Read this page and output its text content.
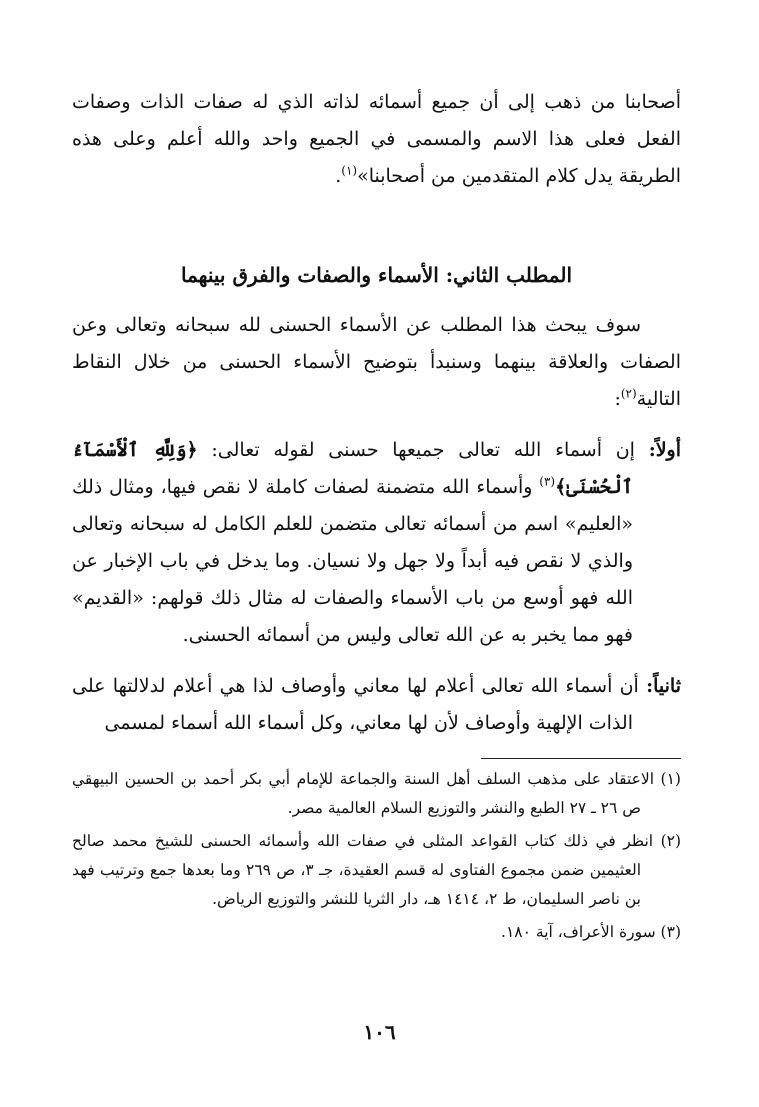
أصحابنا من ذهب إلى أن جميع أسمائه لذاته الذي له صفات الذات وصفات الفعل فعلى هذا الاسم والمسمى في الجميع واحد والله أعلم وعلى هذه الطريقة يدل كلام المتقدمين من أصحابنا»$^{(١)}$.

المطلب الثاني: الأسماء والصفات والفرق بينهما

سوف يبحث هذا المطلب عن الأسماء الحسنى لله سبحانه وتعالى وعن الصفات والعلاقة بينهما وسنبدأ بتوضيح الأسماء الحسنى من خلال النقاط التالية$^{(٢)}$:

أولاً: إن أسماء الله تعالى جميعها حسنى لقوله تعالى: ﴿وَلِلَّهِ ٱلْأَسْمَآءُ ٱلْحُسْنَىٰ﴾$^{(٣)}$ وأسماء الله متضمنة لصفات كاملة لا نقص فيها، ومثال ذلك «العليم» اسم من أسمائه تعالى متضمن للعلم الكامل له سبحانه وتعالى والذي لا نقص فيه أبداً ولا جهل ولا نسيان. وما يدخل في باب الإخبار عن الله فهو أوسع من باب الأسماء والصفات له مثال ذلك قولهم: «القديم» فهو مما يخبر به عن الله تعالى وليس من أسمائه الحسنى.

ثانياً: أن أسماء الله تعالى أعلام لها معاني وأوصاف لذا هي أعلام لدلالتها على الذات الإلهية وأوصاف لأن لها معاني، وكل أسماء الله أسماء لمسمى

(١) الاعتقاد على مذهب السلف أهل السنة والجماعة للإمام أبي بكر أحمد بن الحسين البيهقي ص ٢٦ ـ ٢٧ الطبع والنشر والتوزيع السلام العالمية مصر.

(٢) انظر في ذلك كتاب القواعد المثلى في صفات الله وأسمائه الحسنى للشيخ محمد صالح العثيمين ضمن مجموع الفتاوى له قسم العقيدة، جـ ٣، ص ٢٦٩ وما بعدها جمع وترتيب فهد بن ناصر السليمان، ط ٢، ١٤١٤ هـ، دار الثريا للنشر والتوزيع الرياض.

(٣) سورة الأعراف، آية ١٨٠.

١٠٦
